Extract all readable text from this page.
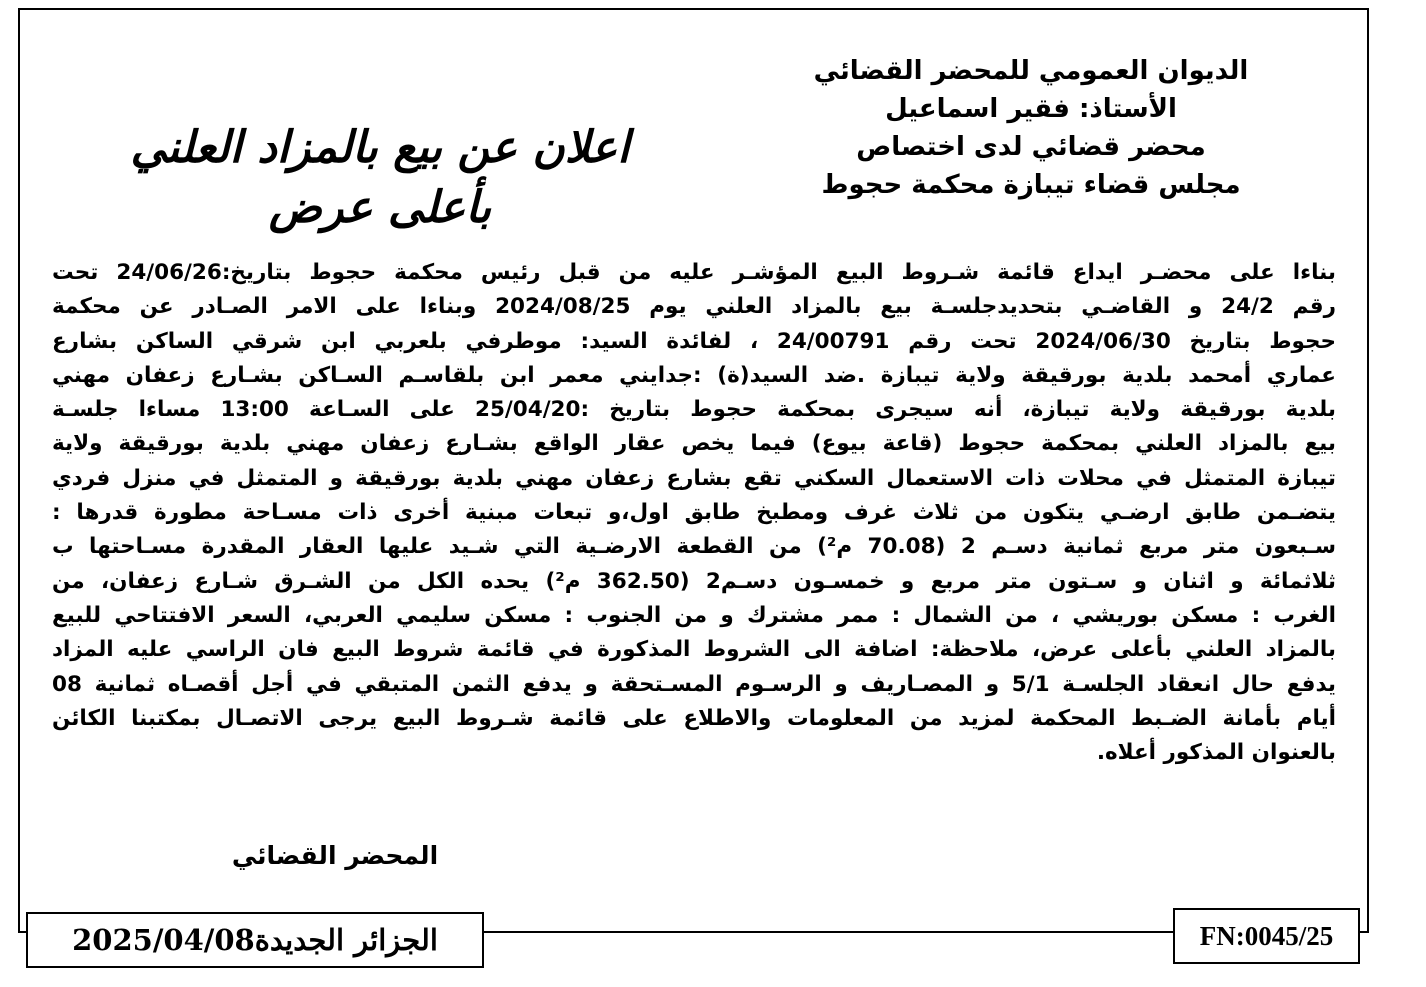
الديوان العمومي للمحضر القضائي
الأستاذ: فقير اسماعيل
محضر قضائي لدى اختصاص
مجلس قضاء تيبازة محكمة حجوط
اعلان عن بيع بالمزاد العلني
بأعلى عرض
بناءا على محضـر ايداع قائمة شـروط البيع المؤشـر عليه من قبل رئيس محكمة حجوط بتاريخ:24/06/26 تحت
رقم 24/2 و القاضـي بتحديدجلسـة بيع بالمزاد العلني يوم 2024/08/25 وبناءا على الامر الصـادر عن محكمة
حجوط بتاريخ 2024/06/30 تحت رقم 24/00791 ، لفائدة السيد: موطرفي بلعربي ابن شرقي الساكن بشارع
عماري أمحمد بلدية بورقيقة ولاية تيبازة .ضد السيد(ة) :جدايني معمر ابن بلقاسـم السـاكن بشـارع زعفان مهني
بلدية بورقيقة ولاية تيبازة، أنه سيجرى بمحكمة حجوط بتاريخ :25/04/20 على السـاعة 13:00 مساءا جلسـة
بيع بالمزاد العلني بمحكمة حجوط (قاعة بيوع) فيما يخص عقار الواقع بشـارع زعفان مهني بلدية بورقيقة ولاية
تيبازة المتمثل في محلات ذات الاستعمال السكني تقع بشارع زعفان مهني بلدية بورقيقة و المتمثل في منزل فردي
يتضـمن طابق ارضـي يتكون من ثلاث غرف ومطبخ طابق اول،و تبعات مبنية أخرى ذات مسـاحة مطورة قدرها :
سـبعون متر مربع ثمانية دسـم 2 (70.08 م²) من القطعة الارضـية التي شـيد عليها العقار المقدرة مسـاحتها ب
ثلاثمائة و اثنان و سـتون متر مربع و خمسـون دسـم2 (362.50 م²) يحده الكل من الشـرق شـارع زعفان، من
الغرب : مسكن بوريشي ، من الشمال : ممر مشترك و من الجنوب : مسكن سليمي العربي، السعر الافتتاحي للبيع
بالمزاد العلني بأعلى عرض، ملاحظة: اضافة الى الشروط المذكورة في قائمة شروط البيع فان الراسي عليه المزاد
يدفع حال انعقاد الجلسـة 5/1 و المصـاريف و الرسـوم المسـتحقة و يدفع الثمن المتبقي في أجل أقصـاه ثمانية 08
أيام بأمانة الضـبط المحكمة لمزيد من المعلومات والاطلاع على قائمة شـروط البيع يرجى الاتصـال بمكتبنا الكائن
بالعنوان المذكور أعلاه.
المحضر القضائي
الجزائر الجديدة2025/04/08	FN:0045/25
